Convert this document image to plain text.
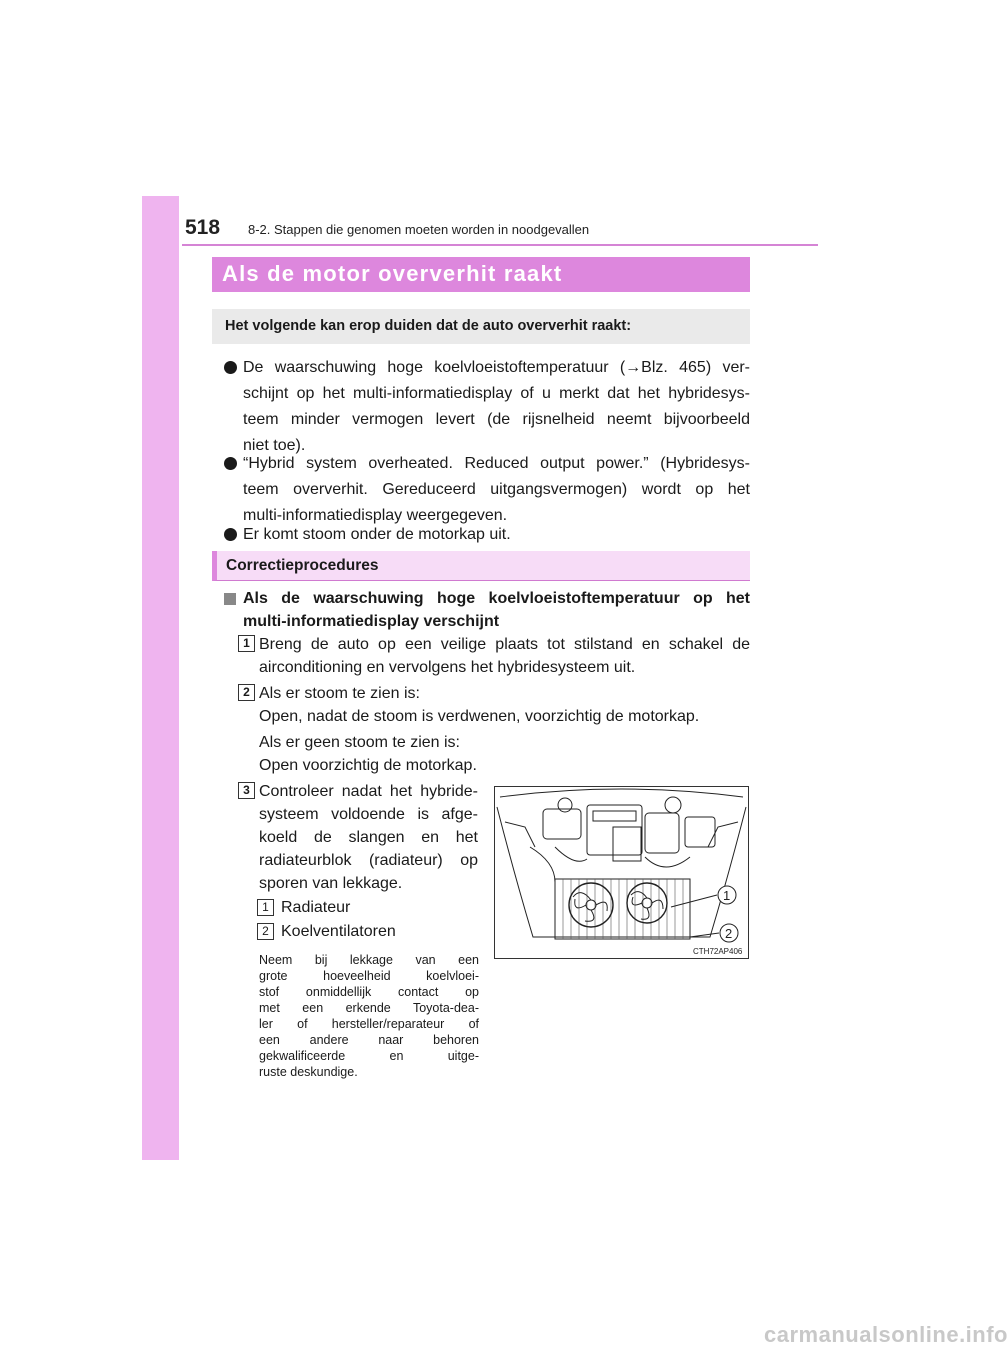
518 8-2. Stappen die genomen moeten worden in noodgevallen
Als de motor oververhit raakt
Het volgende kan erop duiden dat de auto oververhit raakt:
De waarschuwing hoge koelvloeistoftemperatuur (→Blz. 465) ver-
schijnt op het multi-informatiedisplay of u merkt dat het hybridesys-
teem minder vermogen levert (de rijsnelheid neemt bijvoorbeeld
niet toe).
“Hybrid system overheated. Reduced output power.” (Hybridesys-
teem oververhit. Gereduceerd uitgangsvermogen) wordt op het
multi-informatiedisplay weergegeven.
Er komt stoom onder de motorkap uit.
Correctieprocedures
Als de waarschuwing hoge koelvloeistoftemperatuur op het
multi-informatiedisplay verschijnt
1 Breng de auto op een veilige plaats tot stilstand en schakel de
airconditioning en vervolgens het hybridesysteem uit.
2 Als er stoom te zien is:
Open, nadat de stoom is verdwenen, voorzichtig de motorkap.
Als er geen stoom te zien is:
Open voorzichtig de motorkap.
3 Controleer nadat het hybride-
systeem voldoende is afge-
koeld de slangen en het
radiateurblok (radiateur) op
sporen van lekkage.
1 Radiateur
2 Koelventilatoren
Neem bij lekkage van een
grote hoeveelheid koelvloei-
stof onmiddellijk contact op
met een erkende Toyota-dea-
ler of hersteller/reparateur of
een andere naar behoren
gekwalificeerde en uitge-
ruste deskundige.
1
2
CTH72AP406
carmanualsonline.info
